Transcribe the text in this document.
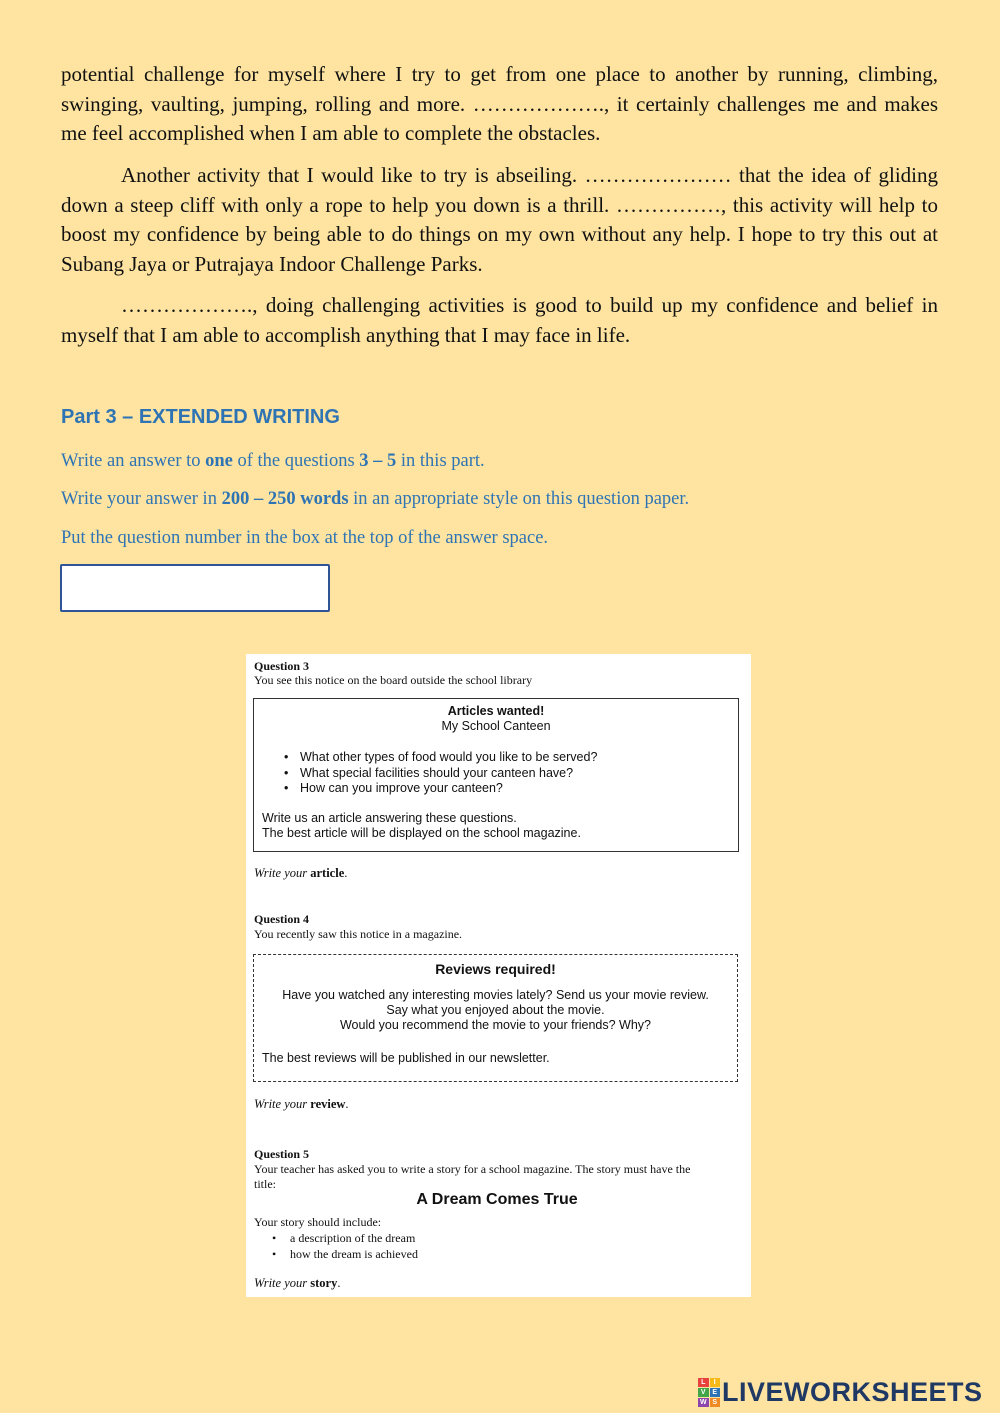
potential challenge for myself where I try to get from one place to another by running, climbing, swinging, vaulting, jumping, rolling and more. ………………., it certainly challenges me and makes me feel accomplished when I am able to complete the obstacles.

Another activity that I would like to try is abseiling. ………………… that the idea of gliding down a steep cliff with only a rope to help you down is a thrill. ……………, this activity will help to boost my confidence by being able to do things on my own without any help. I hope to try this out at Subang Jaya or Putrajaya Indoor Challenge Parks.

………………., doing challenging activities is good to build up my confidence and belief in myself that I am able to accomplish anything that I may face in life.

Part 3 – EXTENDED WRITING

Write an answer to one of the questions 3 – 5 in this part.

Write your answer in 200 – 250 words in an appropriate style on this question paper.

Put the question number in the box at the top of the answer space.

Question 3

You see this notice on the board outside the school library

Articles wanted!

My School Canteen

• What other types of food would you like to be served?
• What special facilities should your canteen have?
• How can you improve your canteen?

Write us an article answering these questions.

The best article will be displayed on the school magazine.

Write your article.

Question 4

You recently saw this notice in a magazine.

Reviews required!

Have you watched any interesting movies lately? Send us your movie review.

Say what you enjoyed about the movie.

Would you recommend the movie to your friends? Why?

The best reviews will be published in our newsletter.

Write your review.

Question 5

Your teacher has asked you to write a story for a school magazine. The story must have the

title:

A Dream Comes True

Your story should include:

• a description of the dream
• how the dream is achieved

Write your story.

L	I
V E
W S LIVEWORKSHEETS
